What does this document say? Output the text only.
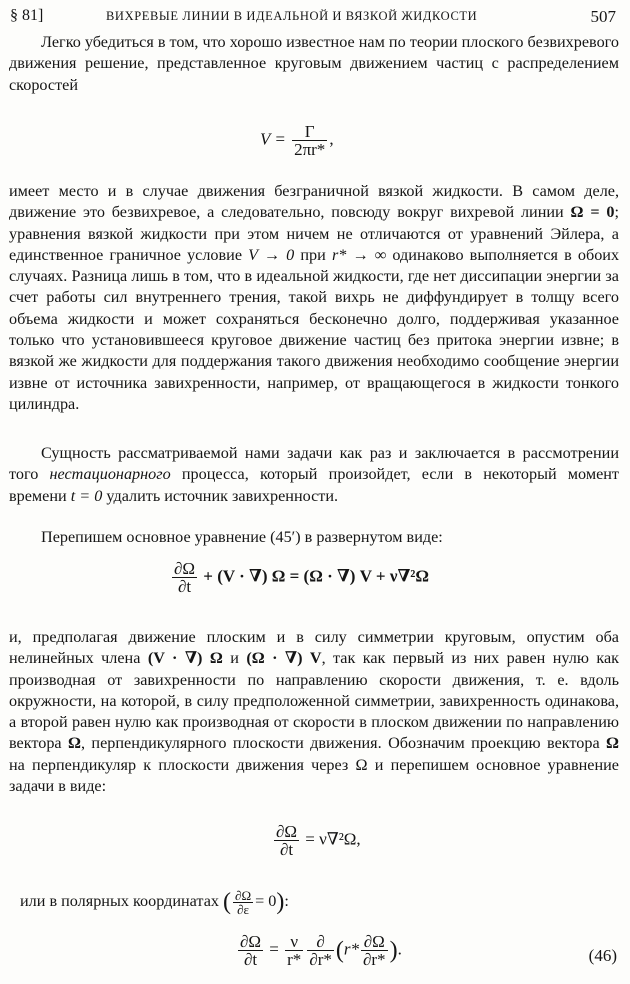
§ 81]	ВИХРЕВЫЕ ЛИНИИ В ИДЕАЛЬНОЙ И ВЯЗКОЙ ЖИДКОСТИ	507

Легко убедиться в том, что хорошо известное нам по теории плоского безвихревого движения решение, представленное круговым движением частиц с распределением скоростей

$V = \frac{\Gamma}{2\pi r*}$ ,

имеет место и в случае движения безграничной вязкой жидкости. В самом деле, движение это безвихревое, а следовательно, повсюду вокруг вихревой линии Ω = 0; уравнения вязкой жидкости при этом ничем не отличаются от уравнений Эйлера, а единственное граничное условие V → 0 при r* → ∞ одинаково выполняется в обоих случаях. Разница лишь в том, что в идеальной жидкости, где нет диссипации энергии за счет работы сил внутреннего трения, такой вихрь не диффундирует в толщу всего объема жидкости и может сохраняться бесконечно долго, поддерживая указанное только что установившееся круговое движение частиц без притока энергии извне; в вязкой же жидкости для поддержания такого движения необходимо сообщение энергии извне от источника завихренности, например, от вращающегося в жидкости тонкого цилиндра.

Сущность рассматриваемой нами задачи как раз и заключается в рассмотрении того нестационарного процесса, который произойдет, если в некоторый момент времени t = 0 удалить источник завихренности.

Перепишем основное уравнение (45′) в развернутом виде:

$\frac{\partial\Omega}{\partial t} + (V$ · ∇) Ω = (Ω · ∇) V + ν∇²Ω

и, предполагая движение плоским и в силу симметрии круговым, опустим оба нелинейных члена (V · ∇) Ω и (Ω · ∇) V, так как первый из них равен нулю как производная от завихренности по направлению скорости движения, т. е. вдоль окружности, на которой, в силу предположенной симметрии, завихренность одинакова, а второй равен нулю как производная от скорости в плоском движении по направлению вектора Ω, перпендикулярного плоскости движения. Обозначим проекцию вектора Ω на перпендикуляр к плоскости движения через Ω и перепишем основное уравнение задачи в виде:

$\frac{\partial\Omega}{\partial t} = \nu\nabla^2\Omega$,
или в полярных координатах ( $\frac{\partial\Omega}{\partial\varepsilon} = 0$):
$\frac{\partial\Omega}{\partial t} = \frac{\nu}{r*} \frac{\partial}{\partial r*} (r* \frac{\partial\Omega}{\partial r*}$ ).	(46)
